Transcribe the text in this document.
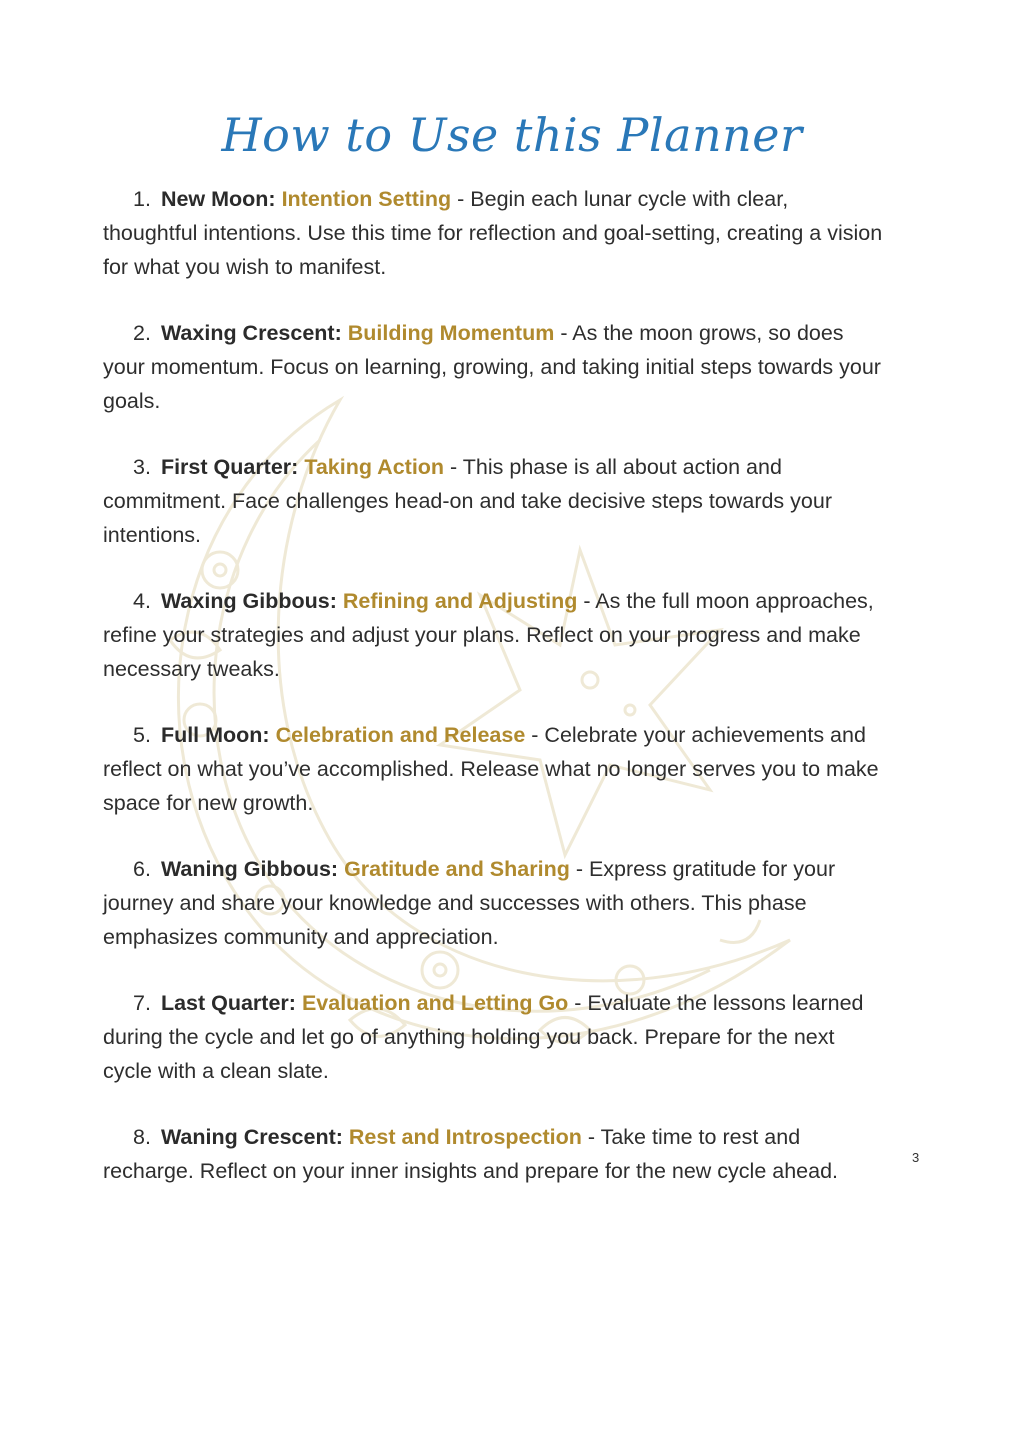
How to Use this Planner
1. New Moon: Intention Setting - Begin each lunar cycle with clear, thoughtful intentions. Use this time for reflection and goal-setting, creating a vision for what you wish to manifest.
2. Waxing Crescent: Building Momentum - As the moon grows, so does your momentum. Focus on learning, growing, and taking initial steps towards your goals.
3. First Quarter: Taking Action - This phase is all about action and commitment. Face challenges head-on and take decisive steps towards your intentions.
4. Waxing Gibbous: Refining and Adjusting - As the full moon approaches, refine your strategies and adjust your plans. Reflect on your progress and make necessary tweaks.
5. Full Moon: Celebration and Release - Celebrate your achievements and reflect on what you’ve accomplished. Release what no longer serves you to make space for new growth.
6. Waning Gibbous: Gratitude and Sharing - Express gratitude for your journey and share your knowledge and successes with others. This phase emphasizes community and appreciation.
7. Last Quarter: Evaluation and Letting Go - Evaluate the lessons learned during the cycle and let go of anything holding you back. Prepare for the next cycle with a clean slate.
8. Waning Crescent: Rest and Introspection - Take time to rest and recharge. Reflect on your inner insights and prepare for the new cycle ahead.
3
